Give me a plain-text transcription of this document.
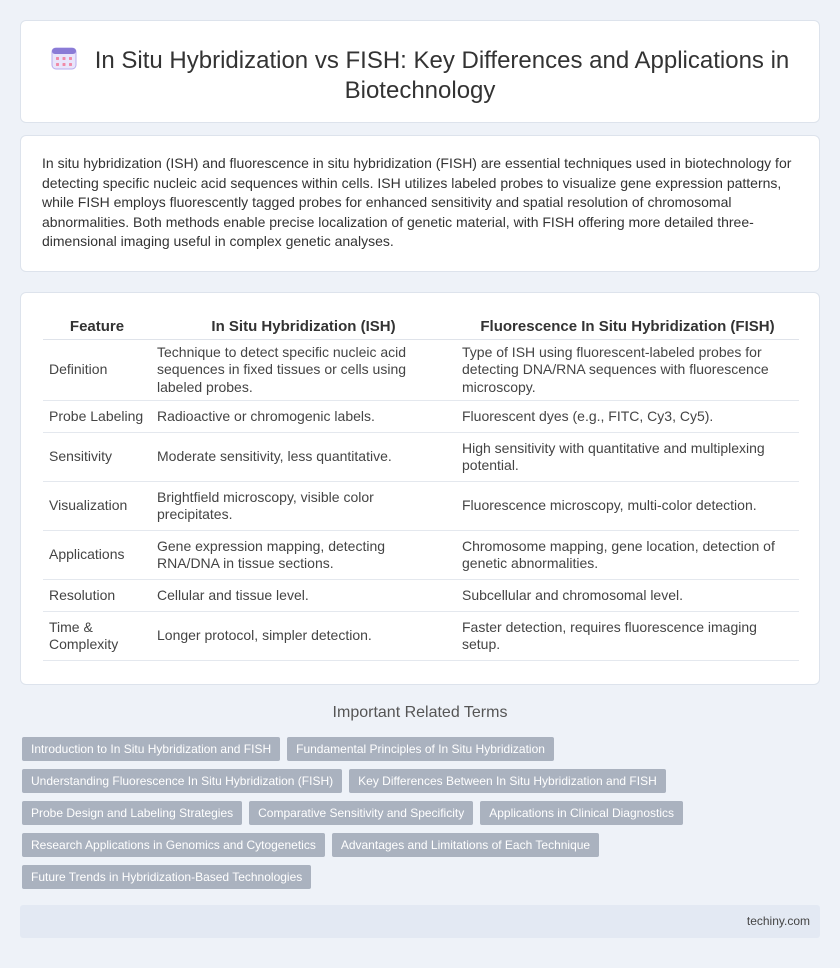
In Situ Hybridization vs FISH: Key Differences and Applications in Biotechnology

In situ hybridization (ISH) and fluorescence in situ hybridization (FISH) are essential techniques used in biotechnology for detecting specific nucleic acid sequences within cells. ISH utilizes labeled probes to visualize gene expression patterns, while FISH employs fluorescently tagged probes for enhanced sensitivity and spatial resolution of chromosomal abnormalities. Both methods enable precise localization of genetic material, with FISH offering more detailed three-dimensional imaging useful in complex genetic analyses.

Feature	In Situ Hybridization (ISH)	Fluorescence In Situ Hybridization (FISH)
Definition	Technique to detect specific nucleic acid sequences in fixed tissues or cells using labeled probes.	Type of ISH using fluorescent-labeled probes for detecting DNA/RNA sequences with fluorescence microscopy.
Probe Labeling	Radioactive or chromogenic labels.	Fluorescent dyes (e.g., FITC, Cy3, Cy5).
Sensitivity	Moderate sensitivity, less quantitative.	High sensitivity with quantitative and multiplexing potential.
Visualization	Brightfield microscopy, visible color precipitates.	Fluorescence microscopy, multi-color detection.
Applications	Gene expression mapping, detecting RNA/DNA in tissue sections.	Chromosome mapping, gene location, detection of genetic abnormalities.
Resolution	Cellular and tissue level.	Subcellular and chromosomal level.
Time & Complexity	Longer protocol, simpler detection.	Faster detection, requires fluorescence imaging setup.
Important Related Terms
Introduction to In Situ Hybridization and FISH	Fundamental Principles of In Situ Hybridization
Understanding Fluorescence In Situ Hybridization (FISH)	Key Differences Between In Situ Hybridization and FISH
Probe Design and Labeling Strategies	Comparative Sensitivity and Specificity	Applications in Clinical Diagnostics
Research Applications in Genomics and Cytogenetics	Advantages and Limitations of Each Technique
Future Trends in Hybridization-Based Technologies
techiny.com
